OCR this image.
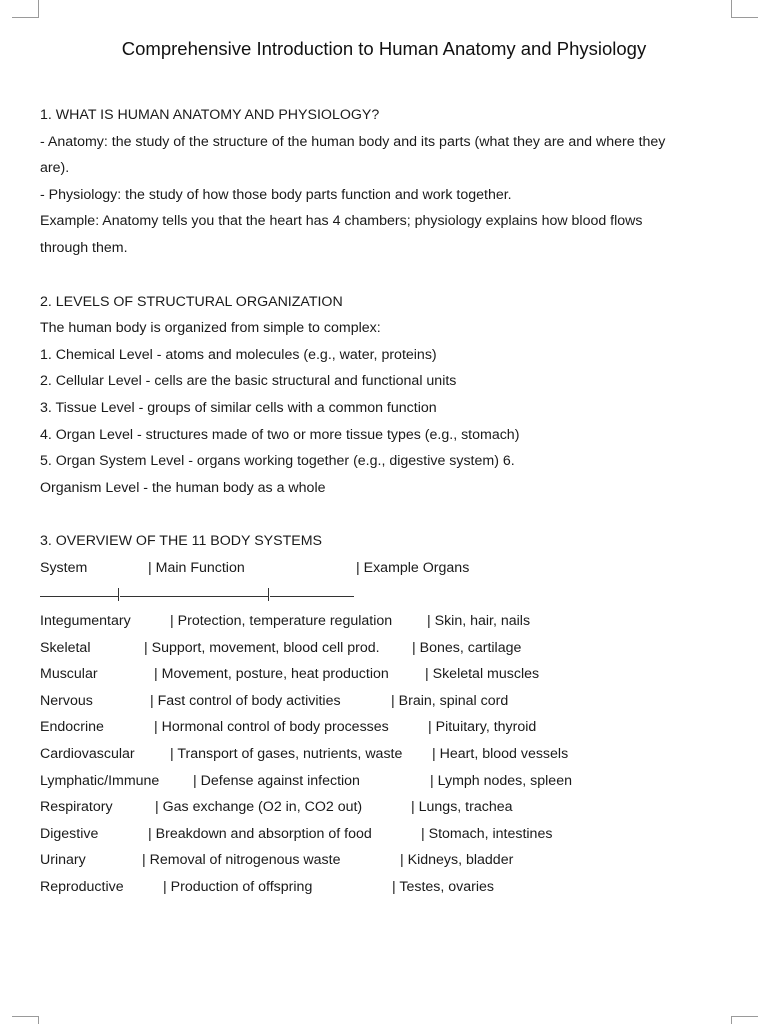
Comprehensive Introduction to Human Anatomy and Physiology
1. WHAT IS HUMAN ANATOMY AND PHYSIOLOGY?
- Anatomy: the study of the structure of the human body and its parts (what they are and where they
are).
- Physiology: the study of how those body parts function and work together.
Example: Anatomy tells you that the heart has 4 chambers; physiology explains how blood flows
through them.
2. LEVELS OF STRUCTURAL ORGANIZATION
The human body is organized from simple to complex:
1. Chemical Level - atoms and molecules (e.g., water, proteins)
2. Cellular Level - cells are the basic structural and functional units
3. Tissue Level - groups of similar cells with a common function
4. Organ Level - structures made of two or more tissue types (e.g., stomach)
5. Organ System Level - organs working together (e.g., digestive system) 6.
Organism Level - the human body as a whole
3. OVERVIEW OF THE 11 BODY SYSTEMS
System	| Main Function	| Example Organs
Integumentary	| Protection, temperature regulation | Skin, hair, nails
Skeletal	| Support, movement, blood cell prod. | Bones, cartilage
Muscular	| Movement, posture, heat production	| Skeletal muscles
Nervous	| Fast control of body activities	| Brain, spinal cord
Endocrine	| Hormonal control of body processes	| Pituitary, thyroid
Cardiovascular | Transport of gases, nutrients, waste | Heart, blood vessels
Lymphatic/Immune | Defense against infection	| Lymph nodes, spleen
Respiratory	| Gas exchange (O2 in, CO2 out)	| Lungs, trachea
Digestive	| Breakdown and absorption of food	| Stomach, intestines
Urinary	| Removal of nitrogenous waste	| Kidneys, bladder
Reproductive	| Production of offspring	| Testes, ovaries
